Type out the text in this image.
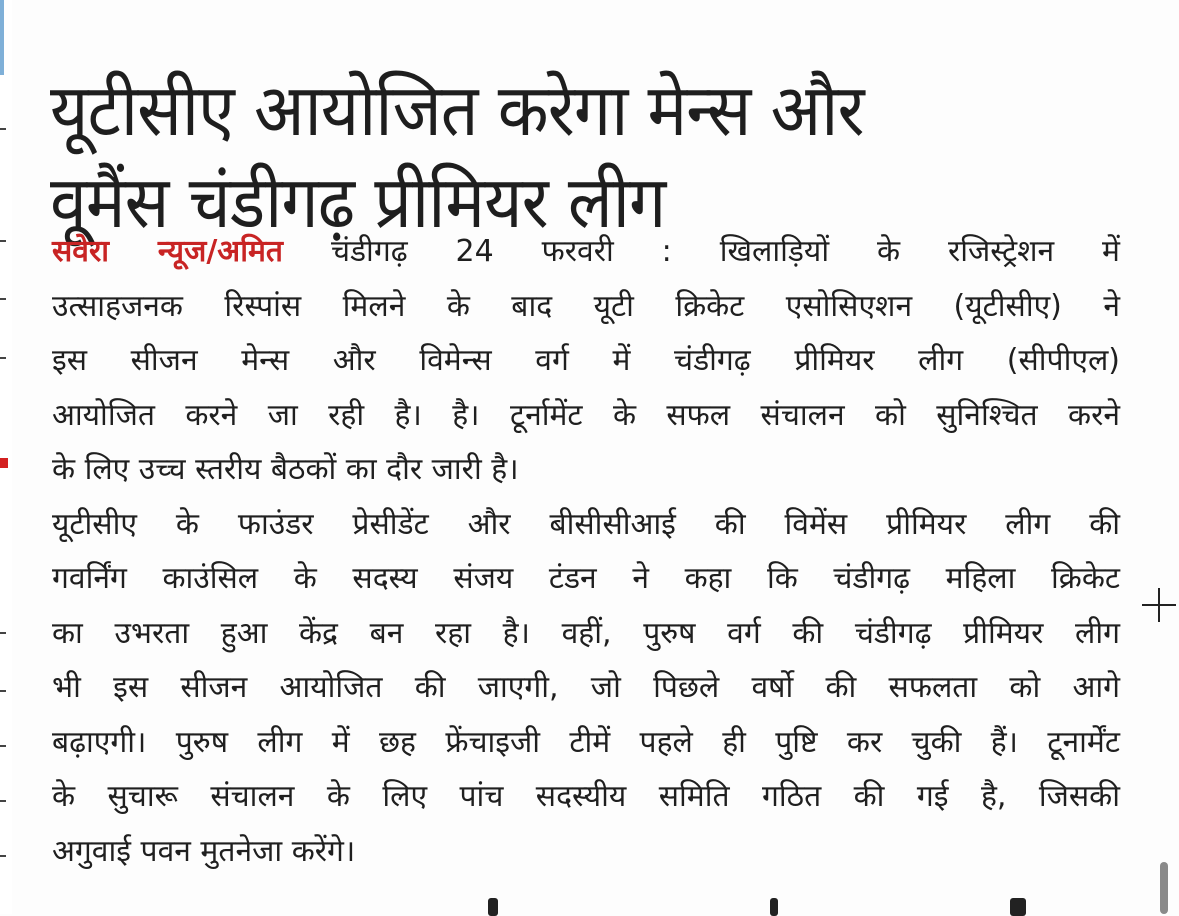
यूटीसीए आयोजित करेगा मेन्स और
वूमैंस चंडीगढ़ प्रीमियर लीग
सवेरा न्यूज/अमित चंडीगढ़ 24 फरवरी : खिलाड़ियों के रजिस्ट्रेशन में
उत्साहजनक रिस्पांस मिलने के बाद यूटी क्रिकेट एसोसिएशन (यूटीसीए) ने
इस सीजन मेन्स और विमेन्स वर्ग में चंडीगढ़ प्रीमियर लीग (सीपीएल)
आयोजित करने जा रही है। है। टूर्नामेंट के सफल संचालन को सुनिश्चित करने
के लिए उच्च स्तरीय बैठकों का दौर जारी है।
यूटीसीए के फाउंडर प्रेसीडेंट और बीसीसीआई की विमेंस प्रीमियर लीग की
गवर्निंग काउंसिल के सदस्य संजय टंडन ने कहा कि चंडीगढ़ महिला क्रिकेट
का उभरता हुआ केंद्र बन रहा है। वहीं, पुरुष वर्ग की चंडीगढ़ प्रीमियर लीग
भी इस सीजन आयोजित की जाएगी, जो पिछले वर्षो की सफलता को आगे
बढ़ाएगी। पुरुष लीग में छह फ्रेंचाइजी टीमें पहले ही पुष्टि कर चुकी हैं। टूनार्मेंट
के सुचारू संचालन के लिए पांच सदस्यीय समिति गठित की गई है, जिसकी
अगुवाई पवन मुतनेजा करेंगे।
